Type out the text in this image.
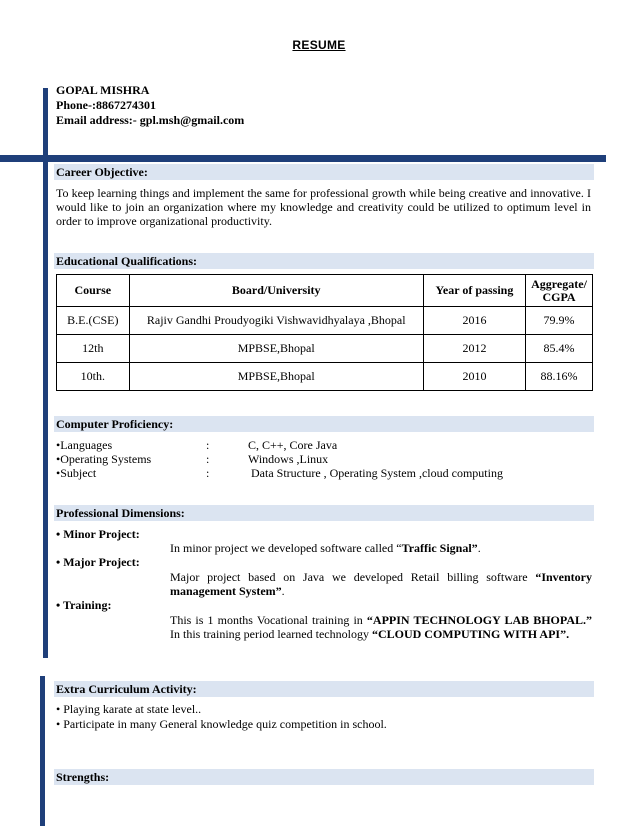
RESUME
GOPAL MISHRA
Phone-:8867274301
Email address:- gpl.msh@gmail.com
Career Objective:
To keep learning things and implement the same for professional growth while being creative and innovative. I would like to join an organization where my knowledge and creativity could be utilized to optimum level in order to improve organizational productivity.
Educational Qualifications:
Course	Board/University	Year of passing	Aggregate/ CGPA
B.E.(CSE)	Rajiv Gandhi Proudyogiki Vishwavidhyalaya ,Bhopal	2016	79.9%
12th	MPBSE,Bhopal	2012	85.4%
10th.	MPBSE,Bhopal	2010	88.16%
Computer Proficiency:
•Languages	:	C, C++, Core Java
•Operating Systems	:	Windows ,Linux
•Subject	:	Data Structure , Operating System ,cloud computing
Professional Dimensions:
• Minor Project:
In minor project we developed software called “Traffic Signal”.
• Major Project:
Major project based on Java we developed Retail billing software “Inventory management System”.
• Training:
This is 1 months Vocational training in “APPIN TECHNOLOGY LAB BHOPAL.” In this training period learned technology “CLOUD COMPUTING WITH API”.
Extra Curriculum Activity:
• Playing karate at state level..
• Participate in many General knowledge quiz competition in school.
Strengths:
